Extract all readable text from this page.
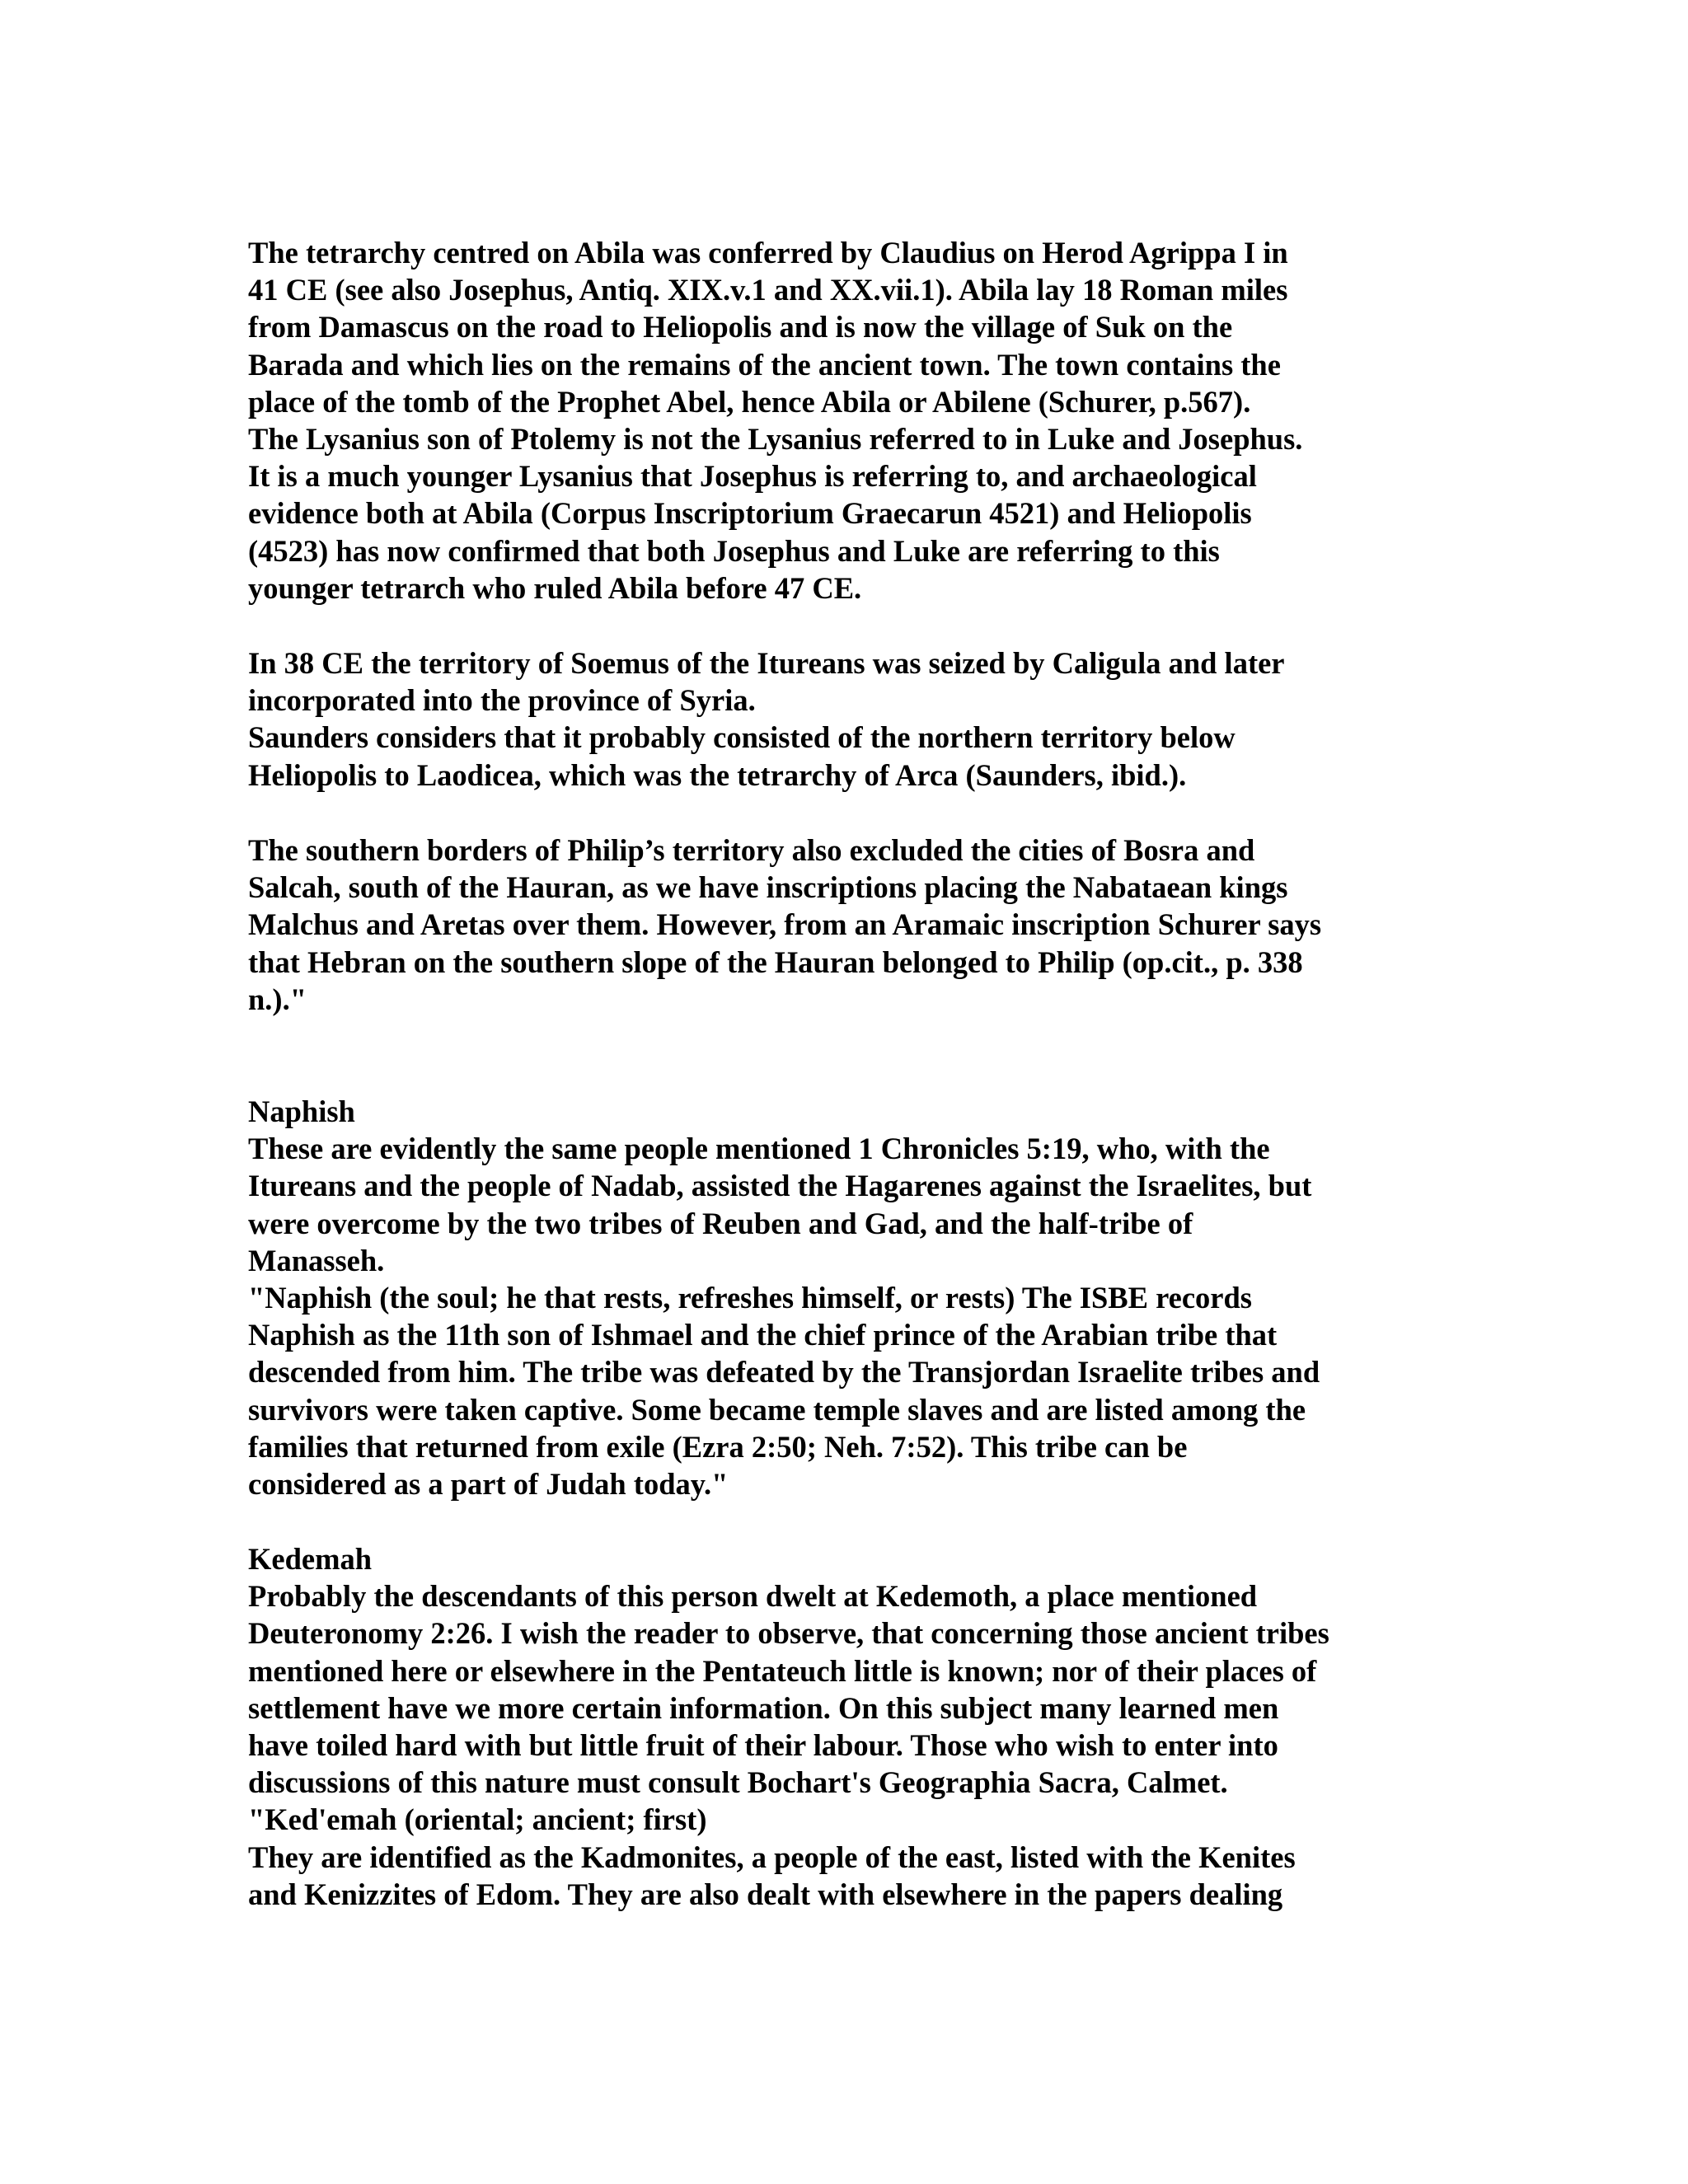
The tetrarchy centred on Abila was conferred by Claudius on Herod Agrippa I in
41 CE (see also Josephus, Antiq. XIX.v.1 and XX.vii.1). Abila lay 18 Roman miles
from Damascus on the road to Heliopolis and is now the village of Suk on the
Barada and which lies on the remains of the ancient town. The town contains the
place of the tomb of the Prophet Abel, hence Abila or Abilene (Schurer, p.567).
The Lysanius son of Ptolemy is not the Lysanius referred to in Luke and Josephus.
It is a much younger Lysanius that Josephus is referring to, and archaeological
evidence both at Abila (Corpus Inscriptorium Graecarun 4521) and Heliopolis
(4523) has now confirmed that both Josephus and Luke are referring to this
younger tetrarch who ruled Abila before 47 CE.
In 38 CE the territory of Soemus of the Itureans was seized by Caligula and later
incorporated into the province of Syria.
Saunders considers that it probably consisted of the northern territory below
Heliopolis to Laodicea, which was the tetrarchy of Arca (Saunders, ibid.).
The southern borders of Philip’s territory also excluded the cities of Bosra and
Salcah, south of the Hauran, as we have inscriptions placing the Nabataean kings
Malchus and Aretas over them. However, from an Aramaic inscription Schurer says
that Hebran on the southern slope of the Hauran belonged to Philip (op.cit., p. 338
n.)."
Naphish
These are evidently the same people mentioned 1 Chronicles 5:19, who, with the
Itureans and the people of Nadab, assisted the Hagarenes against the Israelites, but
were overcome by the two tribes of Reuben and Gad, and the half-tribe of
Manasseh.
"Naphish (the soul; he that rests, refreshes himself, or rests) The ISBE records
Naphish as the 11th son of Ishmael and the chief prince of the Arabian tribe that
descended from him. The tribe was defeated by the Transjordan Israelite tribes and
survivors were taken captive. Some became temple slaves and are listed among the
families that returned from exile (Ezra 2:50; Neh. 7:52). This tribe can be
considered as a part of Judah today."
Kedemah
Probably the descendants of this person dwelt at Kedemoth, a place mentioned
Deuteronomy 2:26. I wish the reader to observe, that concerning those ancient tribes
mentioned here or elsewhere in the Pentateuch little is known; nor of their places of
settlement have we more certain information. On this subject many learned men
have toiled hard with but little fruit of their labour. Those who wish to enter into
discussions of this nature must consult Bochart's Geographia Sacra, Calmet.
"Ked'emah (oriental; ancient; first)
They are identified as the Kadmonites, a people of the east, listed with the Kenites
and Kenizzites of Edom. They are also dealt with elsewhere in the papers dealing
